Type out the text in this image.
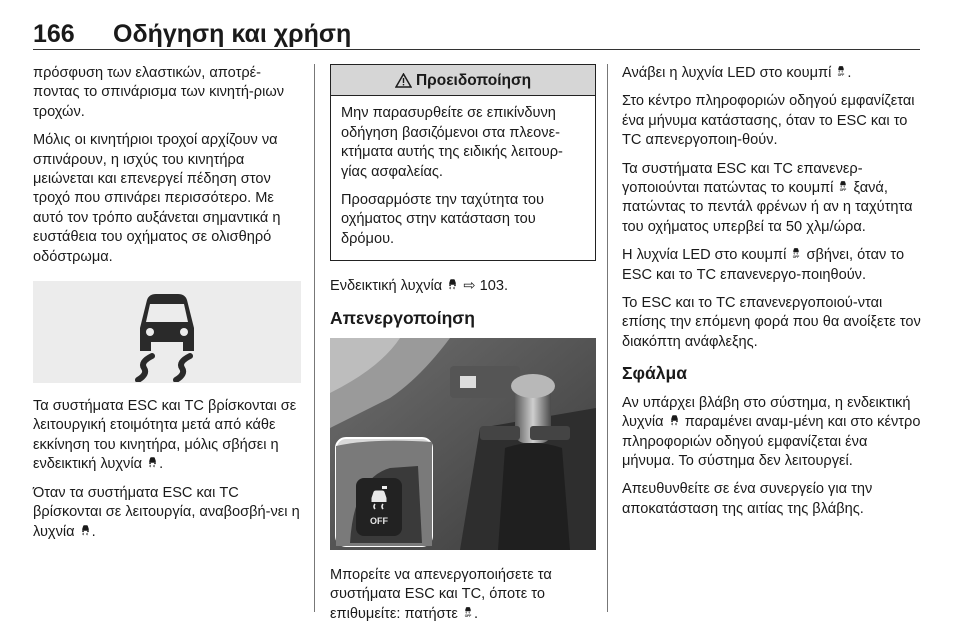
166 Οδήγηση και χρήση

πρόσφυση των ελαστικών, αποτρέ-πoντας το σπινάρισμα των κινητή-ριων τροχών.

Μόλις οι κινητήριοι τροχοί αρχίζουν να σπινάρουν, η ισχύς του κινητήρα μειώνεται και επενεργεί πέδηση στον τροχό που σπινάρει περισσότερο. Με αυτό τον τρόπο αυξάνεται σημαντικά η ευστάθεια του οχήματος σε ολισθηρό οδόστρωμα.

Τα συστήματα ESC και TC βρίσκονται σε λειτουργική ετοιμότητα μετά από κάθε εκκίνηση του κινητήρα, μόλις σβήσει η ενδεικτική λυχνία .

Όταν τα συστήματα ESC και TC βρίσκονται σε λειτουργία, αναβοσβή-νει η λυχνία .

Προειδοποίηση

Μην παρασυρθείτε σε επικίνδυνη οδήγηση βασιζόμενοι στα πλεονε-κτήματα αυτής της ειδικής λειτουρ-γίας ασφαλείας.

Προσαρμόστε την ταχύτητα του οχήματος στην κατάσταση του δρόμου.

Ενδεικτική λυχνία ⇨ 103.

Απενεργοποίηση
OFF

Μπορείτε να απενεργοποιήσετε τα συστήματα ESC και TC, όποτε το επιθυμείτε: πατήστε .

Ανάβει η λυχνία LED στο κουμπί .

Στο κέντρο πληροφοριών οδηγού εμφανίζεται ένα μήνυμα κατάστασης, όταν το ESC και το TC απενεργοποιη-θούν.

Τα συστήματα ESC και TC επανενερ-γοποιούνται πατώντας το κουμπί ξανά, πατώντας το πεντάλ φρένων ή αν η ταχύτητα του οχήματος υπερβεί τα 50 χλμ/ώρα.

Η λυχνία LED στο κουμπί σβήνει, όταν το ESC και το TC επανενεργο-ποιηθούν.

Το ESC και το TC επανενεργοποιού-νται επίσης την επόμενη φορά που θα ανοίξετε τον διακόπτη ανάφλεξης.

Σφάλμα

Αν υπάρχει βλάβη στο σύστημα, η ενδεικτική λυχνία παραμένει αναμ-μένη και στο κέντρο πληροφοριών οδηγού εμφανίζεται ένα μήνυμα. Το σύστημα δεν λειτουργεί.

Απευθυνθείτε σε ένα συνεργείο για την αποκατάσταση της αιτίας της βλάβης.
